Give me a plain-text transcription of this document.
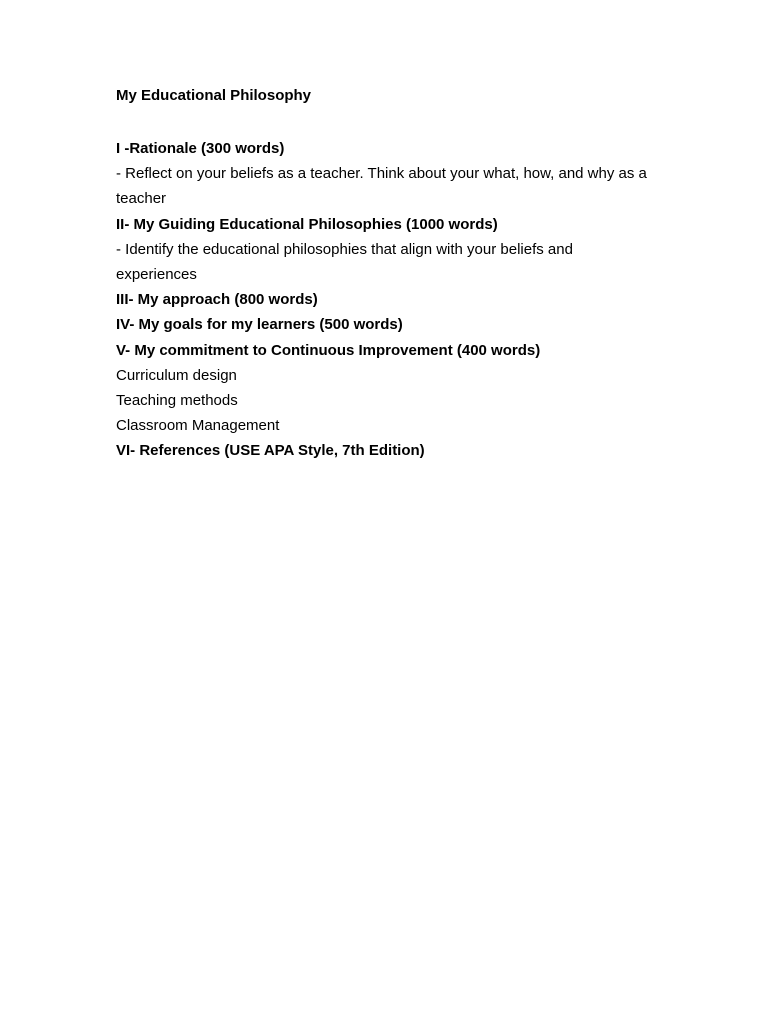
My Educational Philosophy

I -Rationale (300 words)

- Reflect on your beliefs as a teacher. Think about your what, how, and why as a teacher

II- My Guiding Educational Philosophies (1000 words)

- Identify the educational philosophies that align with your beliefs and experiences

III- My approach (800 words)

IV- My goals for my learners (500 words)

V- My commitment to Continuous Improvement (400 words)

Curriculum design

Teaching methods

Classroom Management

VI- References (USE APA Style, 7th Edition)
